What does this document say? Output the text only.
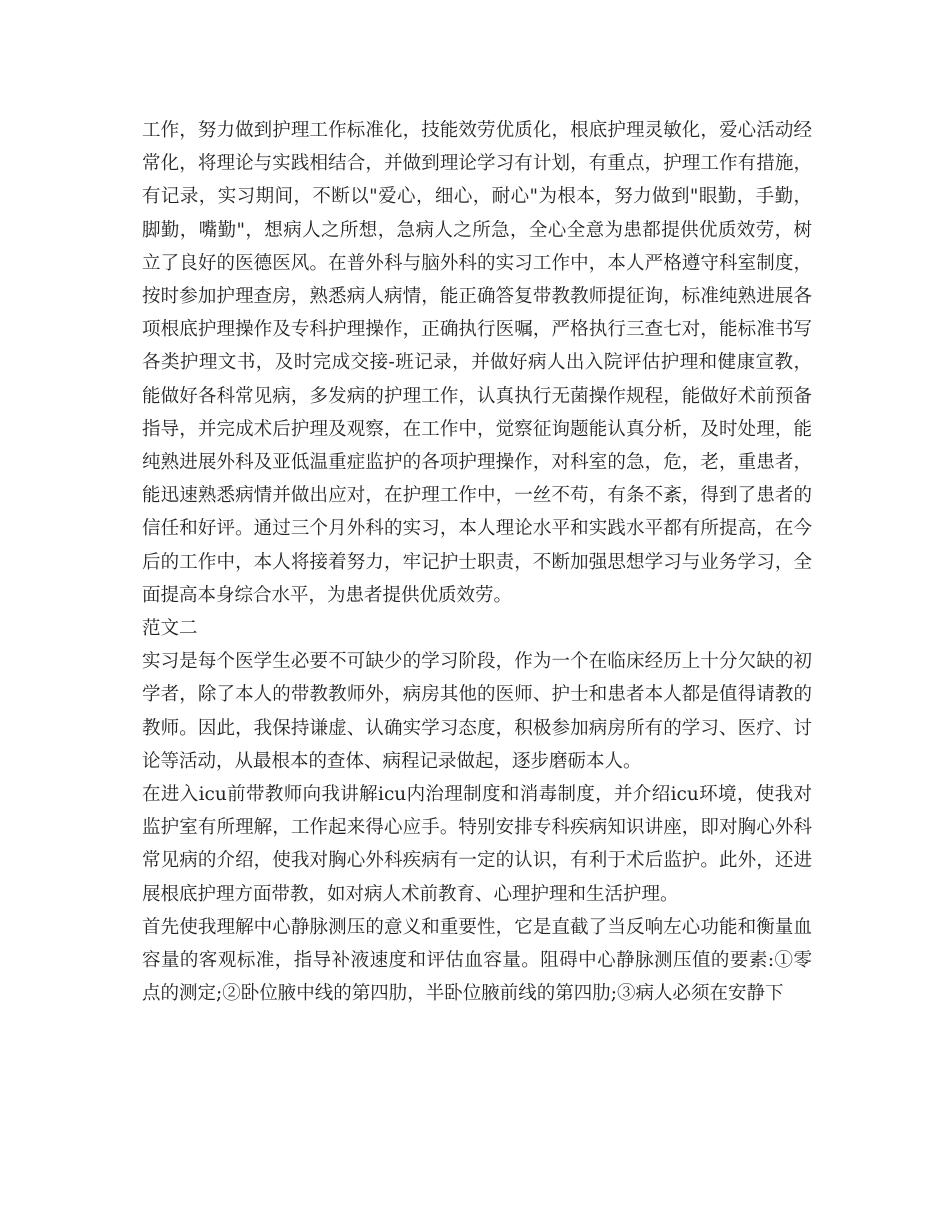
工作，努力做到护理工作标准化，技能效劳优质化，根底护理灵敏化，爱心活动经常化，将理论与实践相结合，并做到理论学习有计划，有重点，护理工作有措施，有记录，实习期间，不断以"爱心，细心，耐心"为根本，努力做到"眼勤，手勤，脚勤，嘴勤"，想病人之所想，急病人之所急，全心全意为患都提供优质效劳，树立了良好的医德医风。在普外科与脑外科的实习工作中，本人严格遵守科室制度，按时参加护理查房，熟悉病人病情，能正确答复带教教师提征询，标准纯熟进展各项根底护理操作及专科护理操作，正确执行医嘱，严格执行三查七对，能标准书写各类护理文书，及时完成交接-班记录，并做好病人出入院评估护理和健康宣教，能做好各科常见病，多发病的护理工作，认真执行无菌操作规程，能做好术前预备指导，并完成术后护理及观察，在工作中，觉察征询题能认真分析，及时处理，能纯熟进展外科及亚低温重症监护的各项护理操作，对科室的急，危，老，重患者，能迅速熟悉病情并做出应对，在护理工作中，一丝不苟，有条不紊，得到了患者的信任和好评。通过三个月外科的实习，本人理论水平和实践水平都有所提高，在今后的工作中，本人将接着努力，牢记护士职责，不断加强思想学习与业务学习，全面提高本身综合水平，为患者提供优质效劳。

范文二

实习是每个医学生必要不可缺少的学习阶段，作为一个在临床经历上十分欠缺的初学者，除了本人的带教教师外，病房其他的医师、护士和患者本人都是值得请教的教师。因此，我保持谦虚、认确实学习态度，积极参加病房所有的学习、医疗、讨论等活动，从最根本的查体、病程记录做起，逐步磨砺本人。

在进入icu前带教师向我讲解icu内治理制度和消毒制度，并介绍icu环境，使我对监护室有所理解，工作起来得心应手。特别安排专科疾病知识讲座，即对胸心外科常见病的介绍，使我对胸心外科疾病有一定的认识，有利于术后监护。此外，还进展根底护理方面带教，如对病人术前教育、心理护理和生活护理。

首先使我理解中心静脉测压的意义和重要性，它是直截了当反响左心功能和衡量血容量的客观标准，指导补液速度和评估血容量。阻碍中心静脉测压值的要素:①零点的测定;②卧位腋中线的第四肋，半卧位腋前线的第四肋;③病人必须在安静下
